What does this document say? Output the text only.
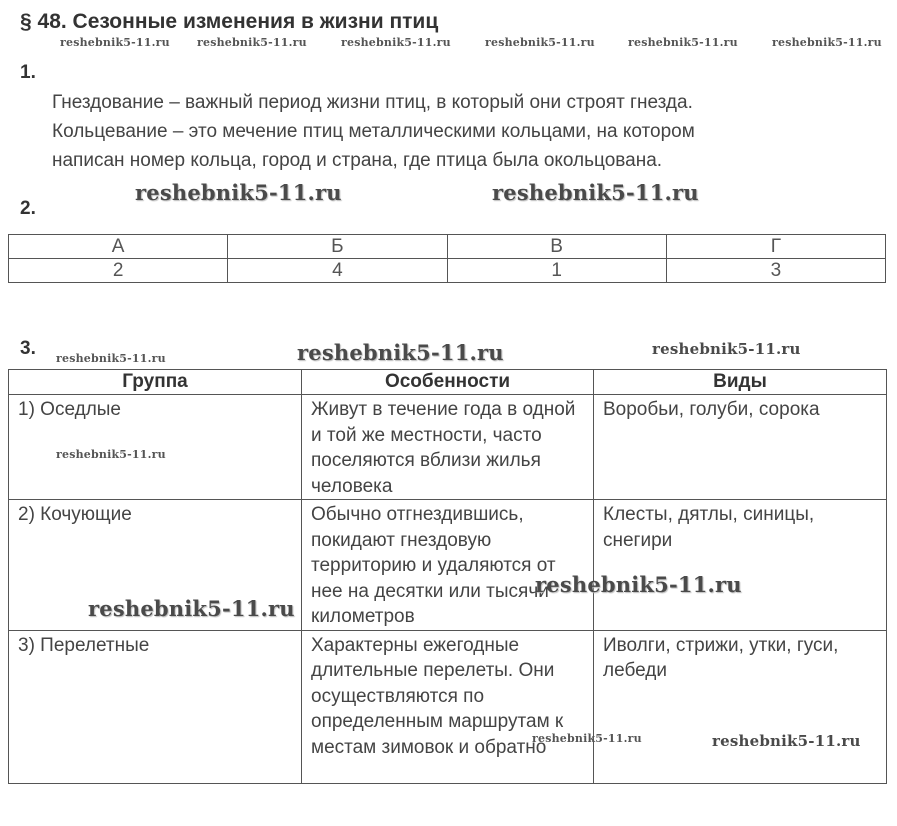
§ 48. Сезонные изменения в жизни птиц
reshebnik5-11.ru reshebnik5-11.ru	reshebnik5-11.ru	reshebnik5-11.ru	reshebnik5-11.ru	reshebnik5-11.ru
1.
Гнездование – важный период жизни птиц, в который они строят гнезда.
Кольцевание – это мечение птиц металлическими кольцами, на котором
написан номер кольца, город и страна, где птица была окольцована.
reshebnik5-11.ru	reshebnik5-11.ru
2.
А	Б	В	Г
2	4	1	3
3. reshebnik5-11.ru	reshebnik5-11.ru	reshebnik5-11.ru
Группа	Особенности	Виды
1) Оседлые	Живут в течение года в одной и той же местности, часто поселяются вблизи жилья человека	Воробьи, голуби, сорока
2) Кочующие	Обычно отгнездившись, покидают гнездовую территорию и удаляются от нее на десятки или тысячи километров	Клесты, дятлы, синицы, снегири
3) Перелетные	Характерны ежегодные длительные перелеты. Они осуществляются по определенным маршрутам к местам зимовок и обратно	Иволги, стрижи, утки, гуси, лебеди
reshebnik5-11.ru
reshebnik5-11.ru
reshebnik5-11.ru
reshebnik5-11.ru	reshebnik5-11.ru
